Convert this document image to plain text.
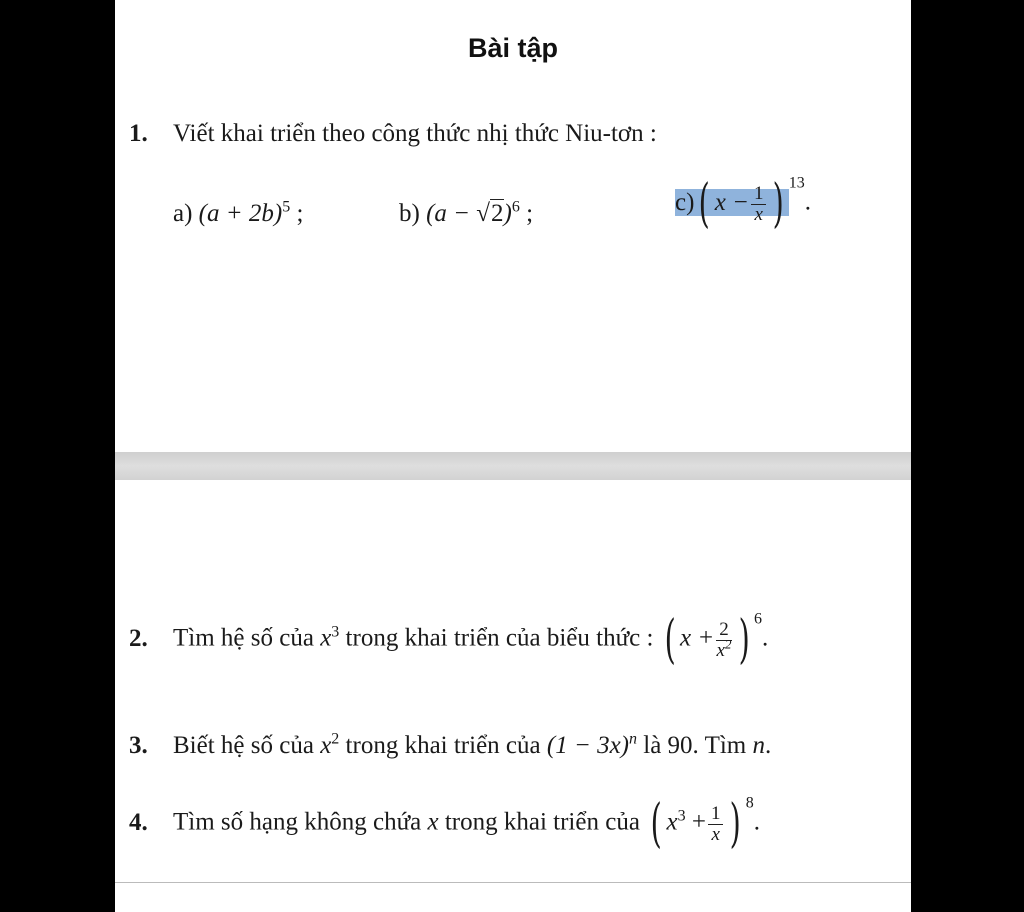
Bài tập
1. Viết khai triển theo công thức nhị thức Niu-tơn :
a) $(a + 2b)^5$ ;	b) $(a - √2)^6$ ;	c)( $x - \frac{1}{x}$ ) $^{13}$.
2. Tìm hệ số của $x^3$ trong khai triển của biểu thức : ( $x + \frac{2}{x^2}$ ) $^6$.
3. Biết hệ số của $x^2$ trong khai triển của $(1 - 3x)^n$ là 90. Tìm n.
4. Tìm số hạng không chứa x trong khai triển của ( $x^3 + \frac{1}{x}$ ) $^8$.
